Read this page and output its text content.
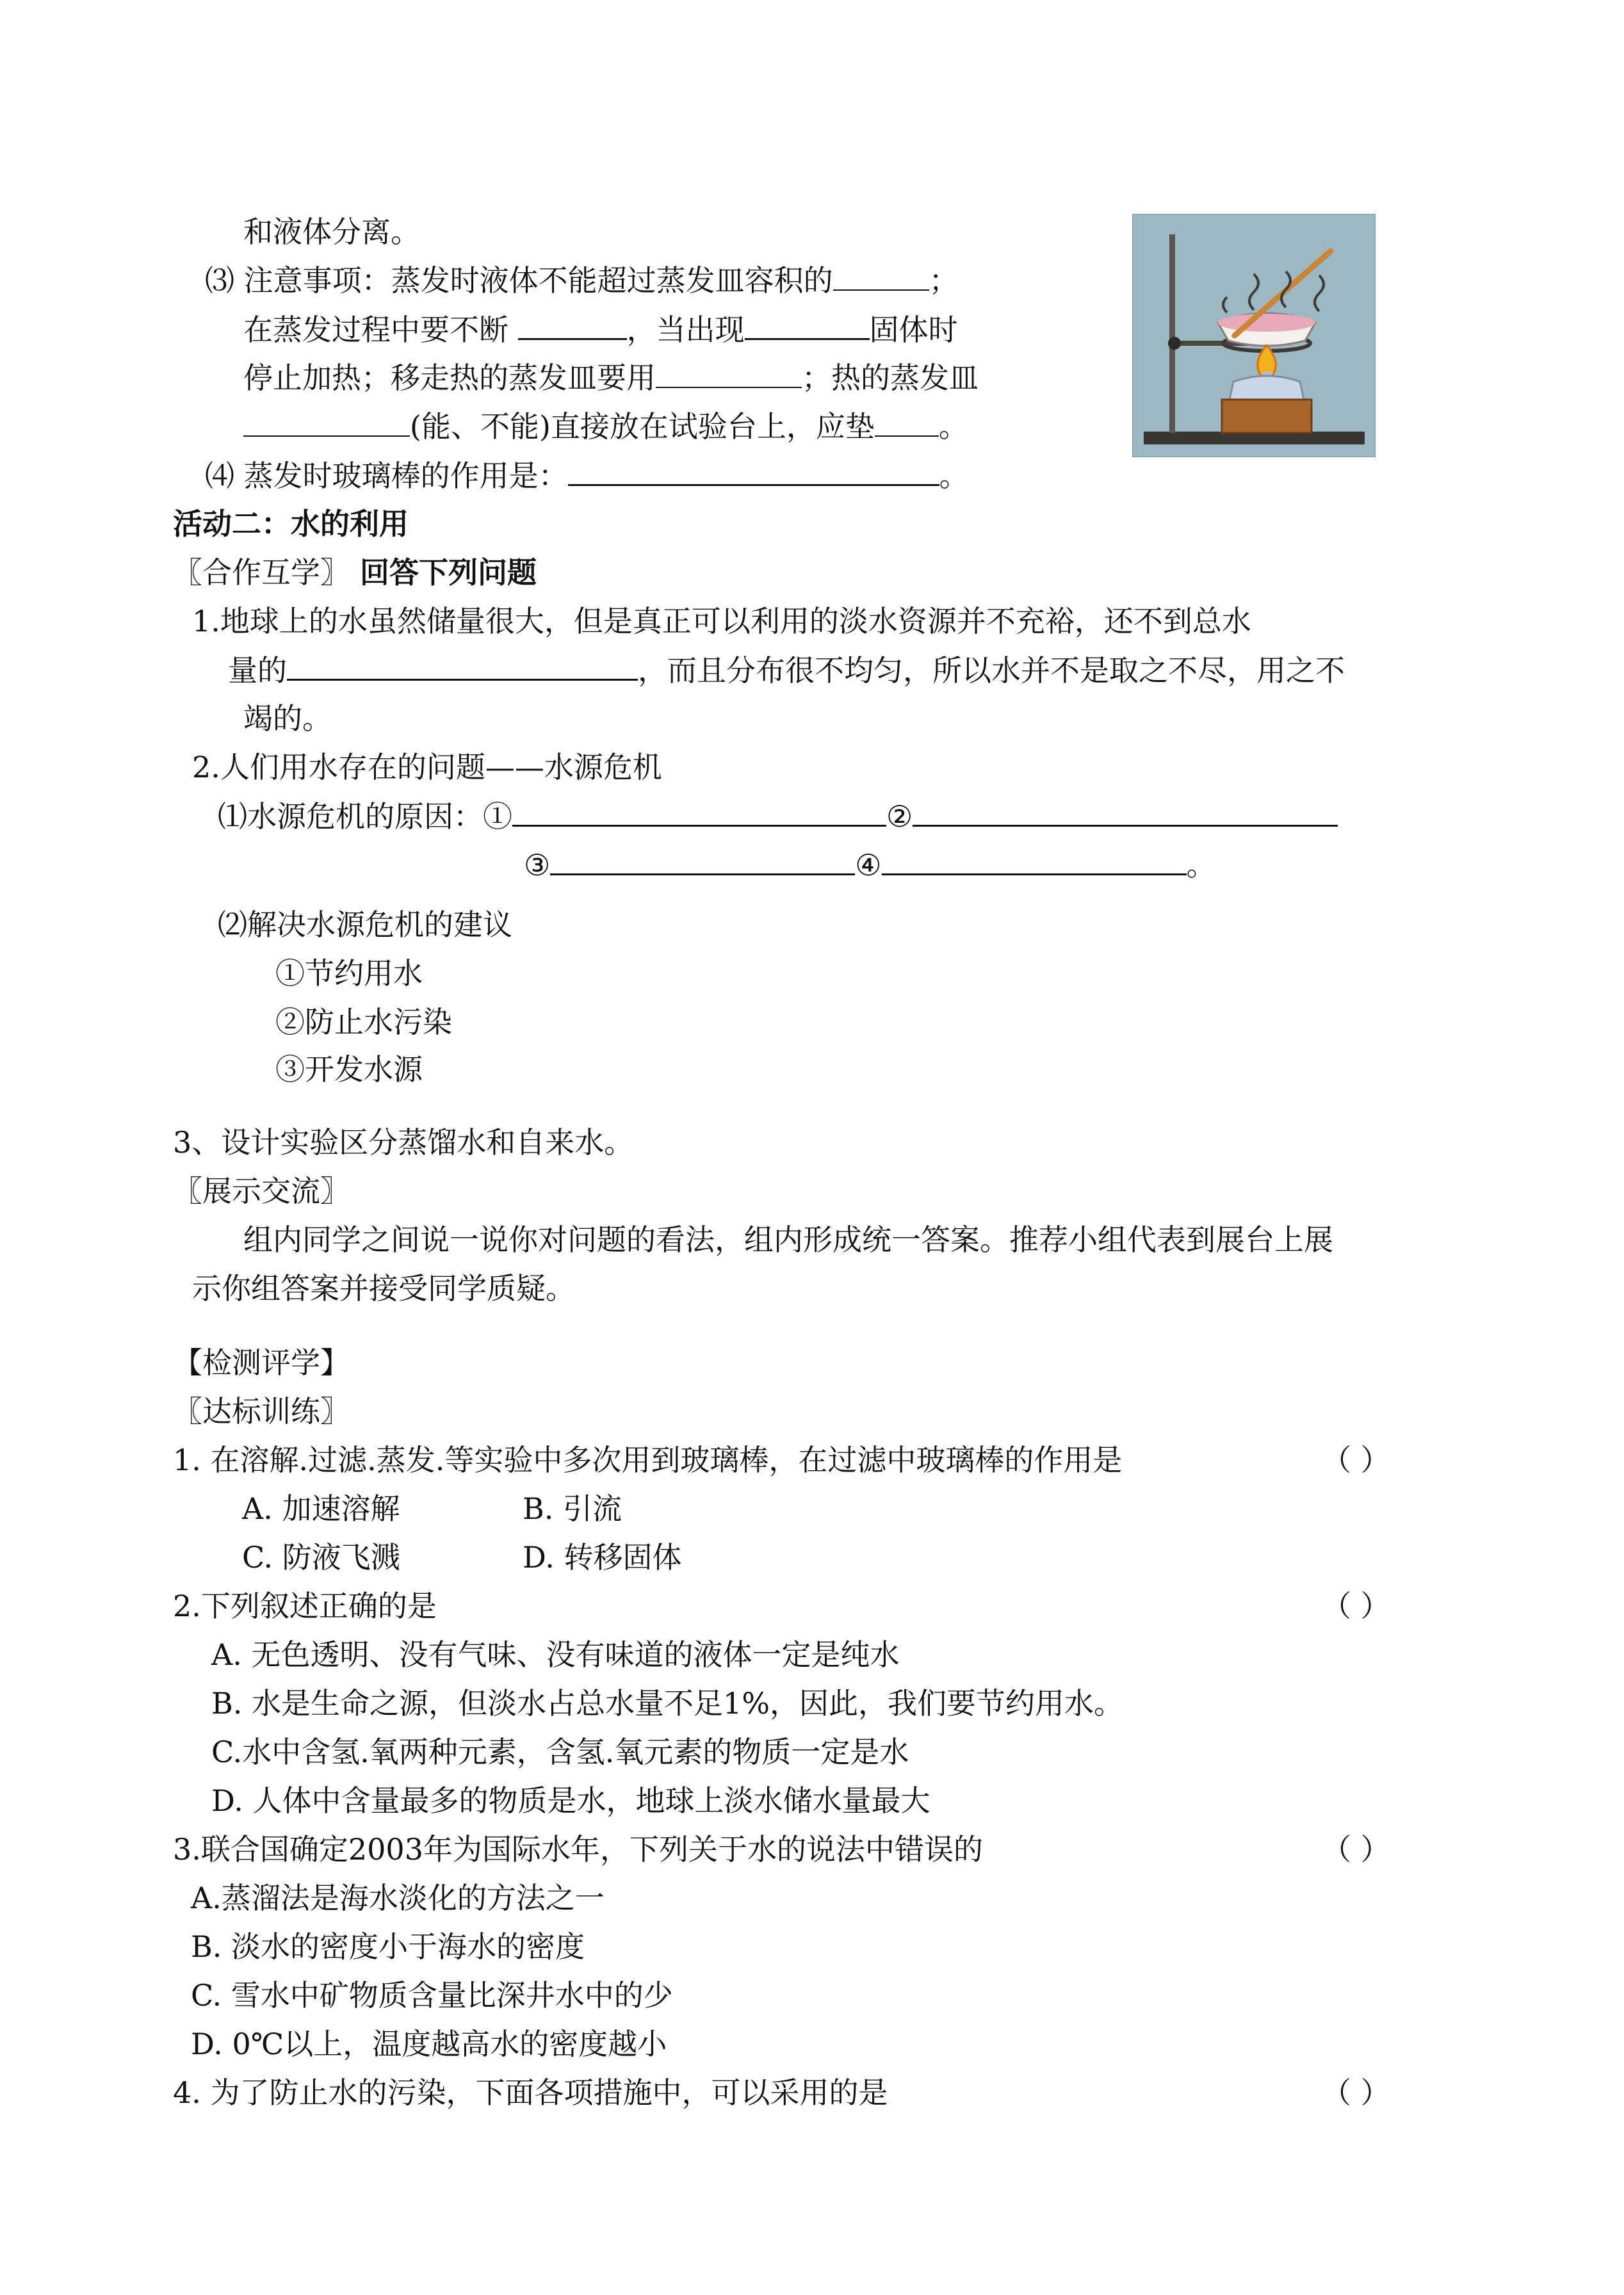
和液体分离。
⑶ 注意事项：蒸发时液体不能超过蒸发皿容积的	；
在蒸发过程中要不断	，当出现	固体时
停止加热；移走热的蒸发皿要用	；热的蒸发皿
(能、不能)直接放在试验台上，应垫 。
⑷ 蒸发时玻璃棒的作用是：	。
活动二：水的利用
〖合作互学〗 回答下列问题
1.地球上的水虽然储量很大，但是真正可以利用的淡水资源并不充裕，还不到总水
量的	，而且分布很不均匀，所以水并不是取之不尽，用之不
竭的。
2.人们用水存在的问题——水源危机
⑴水源危机的原因：①	②
③	④	。
⑵解决水源危机的建议
①节约用水
②防止水污染
③开发水源
3、设计实验区分蒸馏水和自来水。
〖展示交流〗
组内同学之间说一说你对问题的看法，组内形成统一答案。推荐小组代表到展台上展
示你组答案并接受同学质疑。
【检测评学】
〖达标训练〗
1. 在溶解.过滤.蒸发.等实验中多次用到玻璃棒，在过滤中玻璃棒的作用是	（ ）
A. 加速溶解	B. 引流
C. 防液飞溅	D. 转移固体
2.下列叙述正确的是	（ ）
A. 无色透明、没有气味、没有味道的液体一定是纯水
B. 水是生命之源，但淡水占总水量不足1%，因此，我们要节约用水。
C.水中含氢.氧两种元素，含氢.氧元素的物质一定是水
D. 人体中含量最多的物质是水，地球上淡水储水量最大
3.联合国确定2003年为国际水年，下列关于水的说法中错误的	（ ）
A.蒸溜法是海水淡化的方法之一
B. 淡水的密度小于海水的密度
C. 雪水中矿物质含量比深井水中的少
D. 0℃以上，温度越高水的密度越小
4. 为了防止水的污染，下面各项措施中，可以采用的是	（ ）
